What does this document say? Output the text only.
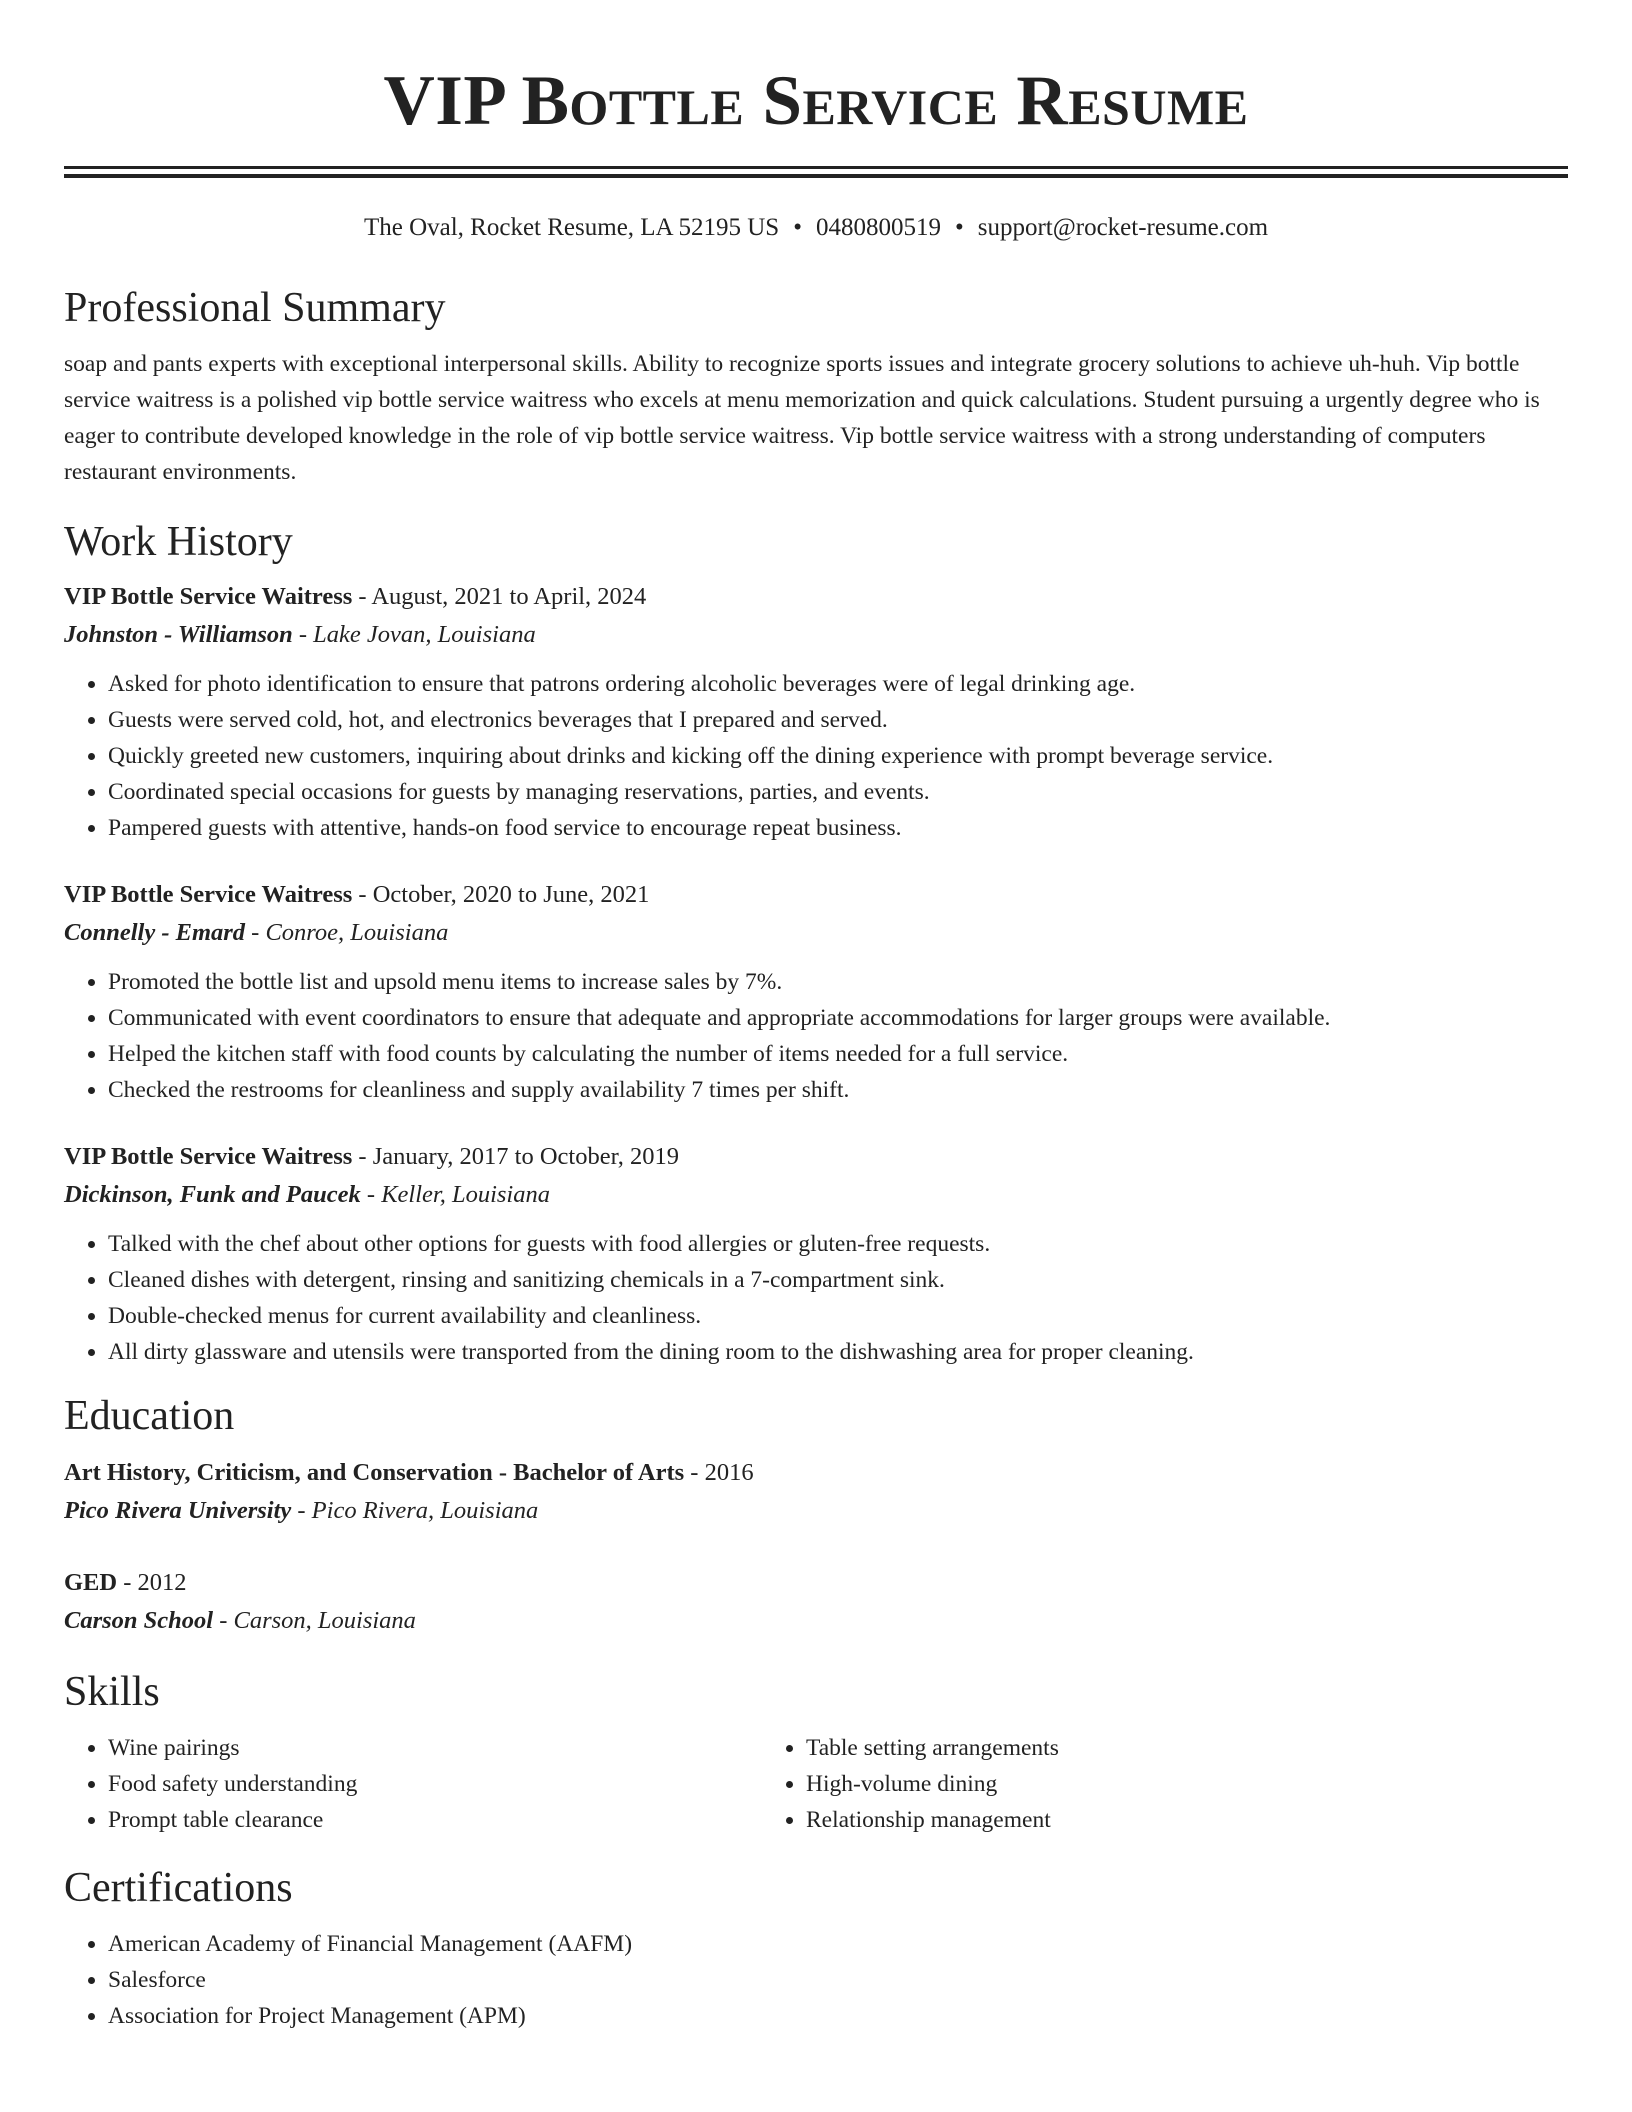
VIP Bottle Service Resume
The Oval, Rocket Resume, LA 52195 US • 0480800519 • support@rocket-resume.com
Professional Summary

soap and pants experts with exceptional interpersonal skills. Ability to recognize sports issues and integrate grocery solutions to achieve uh-huh. Vip bottle service waitress is a polished vip bottle service waitress who excels at menu memorization and quick calculations. Student pursuing a urgently degree who is eager to contribute developed knowledge in the role of vip bottle service waitress. Vip bottle service waitress with a strong understanding of computers restaurant environments.

Work History
VIP Bottle Service Waitress - August, 2021 to April, 2024
Johnston - Williamson - Lake Jovan, Louisiana
• Asked for photo identification to ensure that patrons ordering alcoholic beverages were of legal drinking age.
• Guests were served cold, hot, and electronics beverages that I prepared and served.
• Quickly greeted new customers, inquiring about drinks and kicking off the dining experience with prompt beverage service.
• Coordinated special occasions for guests by managing reservations, parties, and events.
• Pampered guests with attentive, hands-on food service to encourage repeat business.
VIP Bottle Service Waitress - October, 2020 to June, 2021
Connelly - Emard - Conroe, Louisiana
• Promoted the bottle list and upsold menu items to increase sales by 7%.
• Communicated with event coordinators to ensure that adequate and appropriate accommodations for larger groups were available.
• Helped the kitchen staff with food counts by calculating the number of items needed for a full service.
• Checked the restrooms for cleanliness and supply availability 7 times per shift.
VIP Bottle Service Waitress - January, 2017 to October, 2019
Dickinson, Funk and Paucek - Keller, Louisiana
• Talked with the chef about other options for guests with food allergies or gluten-free requests.
• Cleaned dishes with detergent, rinsing and sanitizing chemicals in a 7-compartment sink.
• Double-checked menus for current availability and cleanliness.
• All dirty glassware and utensils were transported from the dining room to the dishwashing area for proper cleaning.
Education
Art History, Criticism, and Conservation - Bachelor of Arts - 2016
Pico Rivera University - Pico Rivera, Louisiana
GED - 2012
Carson School - Carson, Louisiana
Skills
• Wine pairings
• Food safety understanding
• Prompt table clearance
• Table setting arrangements
• High-volume dining
• Relationship management
Certifications
• American Academy of Financial Management (AAFM)
• Salesforce
• Association for Project Management (APM)
